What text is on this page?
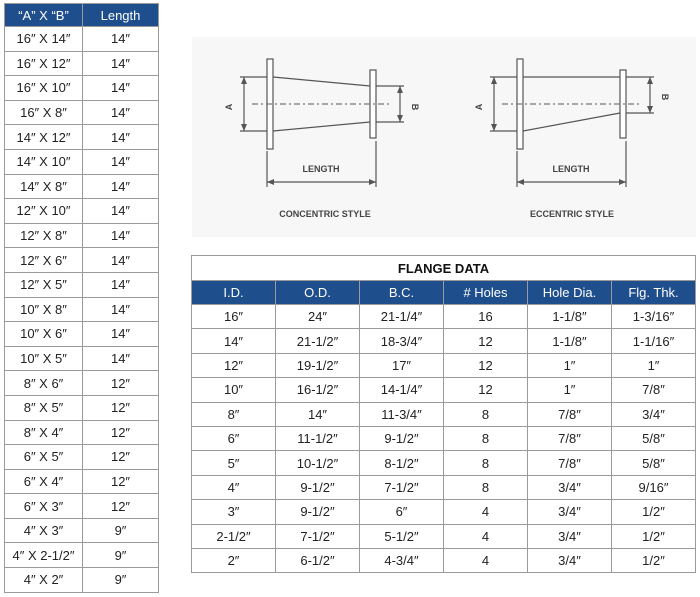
“A” X “B”	Length
16″ X 14″	14″
16″ X 12″	14″
16″ X 10″	14″
16″ X 8″	14″
14″ X 12″	14″
14″ X 10″	14″
14″ X 8″	14″
12″ X 10″	14″
12″ X 8″	14″
12″ X 6″	14″
12″ X 5″	14″
10″ X 8″	14″
10″ X 6″	14″
10″ X 5″	14″
8″ X 6″	12″
8″ X 5″	12″
8″ X 4″	12″
6″ X 5″	12″
6″ X 4″	12″
6″ X 3″	12″
4″ X 3″	9″
4″ X 2-1/2″	9″
4″ X 2″	9″
A	B
LENGTH
CONCENTRIC STYLE
A
B
LENGTH
ECCENTRIC STYLE
FLANGE DATA					
I.D.	O.D.	B.C.	# Holes	Hole Dia.	Flg. Thk.
16″	24″	21-1/4″	16	1-1/8″	1-3/16″
14″	21-1/2″	18-3/4″	12	1-1/8″	1-1/16″
12″	19-1/2″	17″	12	1″	1″
10″	16-1/2″	14-1/4″	12	1″	7/8″
8″	14″	11-3/4″	8	7/8″	3/4″
6″	11-1/2″	9-1/2″	8	7/8″	5/8″
5″	10-1/2″	8-1/2″	8	7/8″	5/8″
4″	9-1/2″	7-1/2″	8	3/4″	9/16″
3″	9-1/2″	6″	4	3/4″	1/2″
2-1/2″	7-1/2″	5-1/2″	4	3/4″	1/2″
2″	6-1/2″	4-3/4″	4	3/4″	1/2″
